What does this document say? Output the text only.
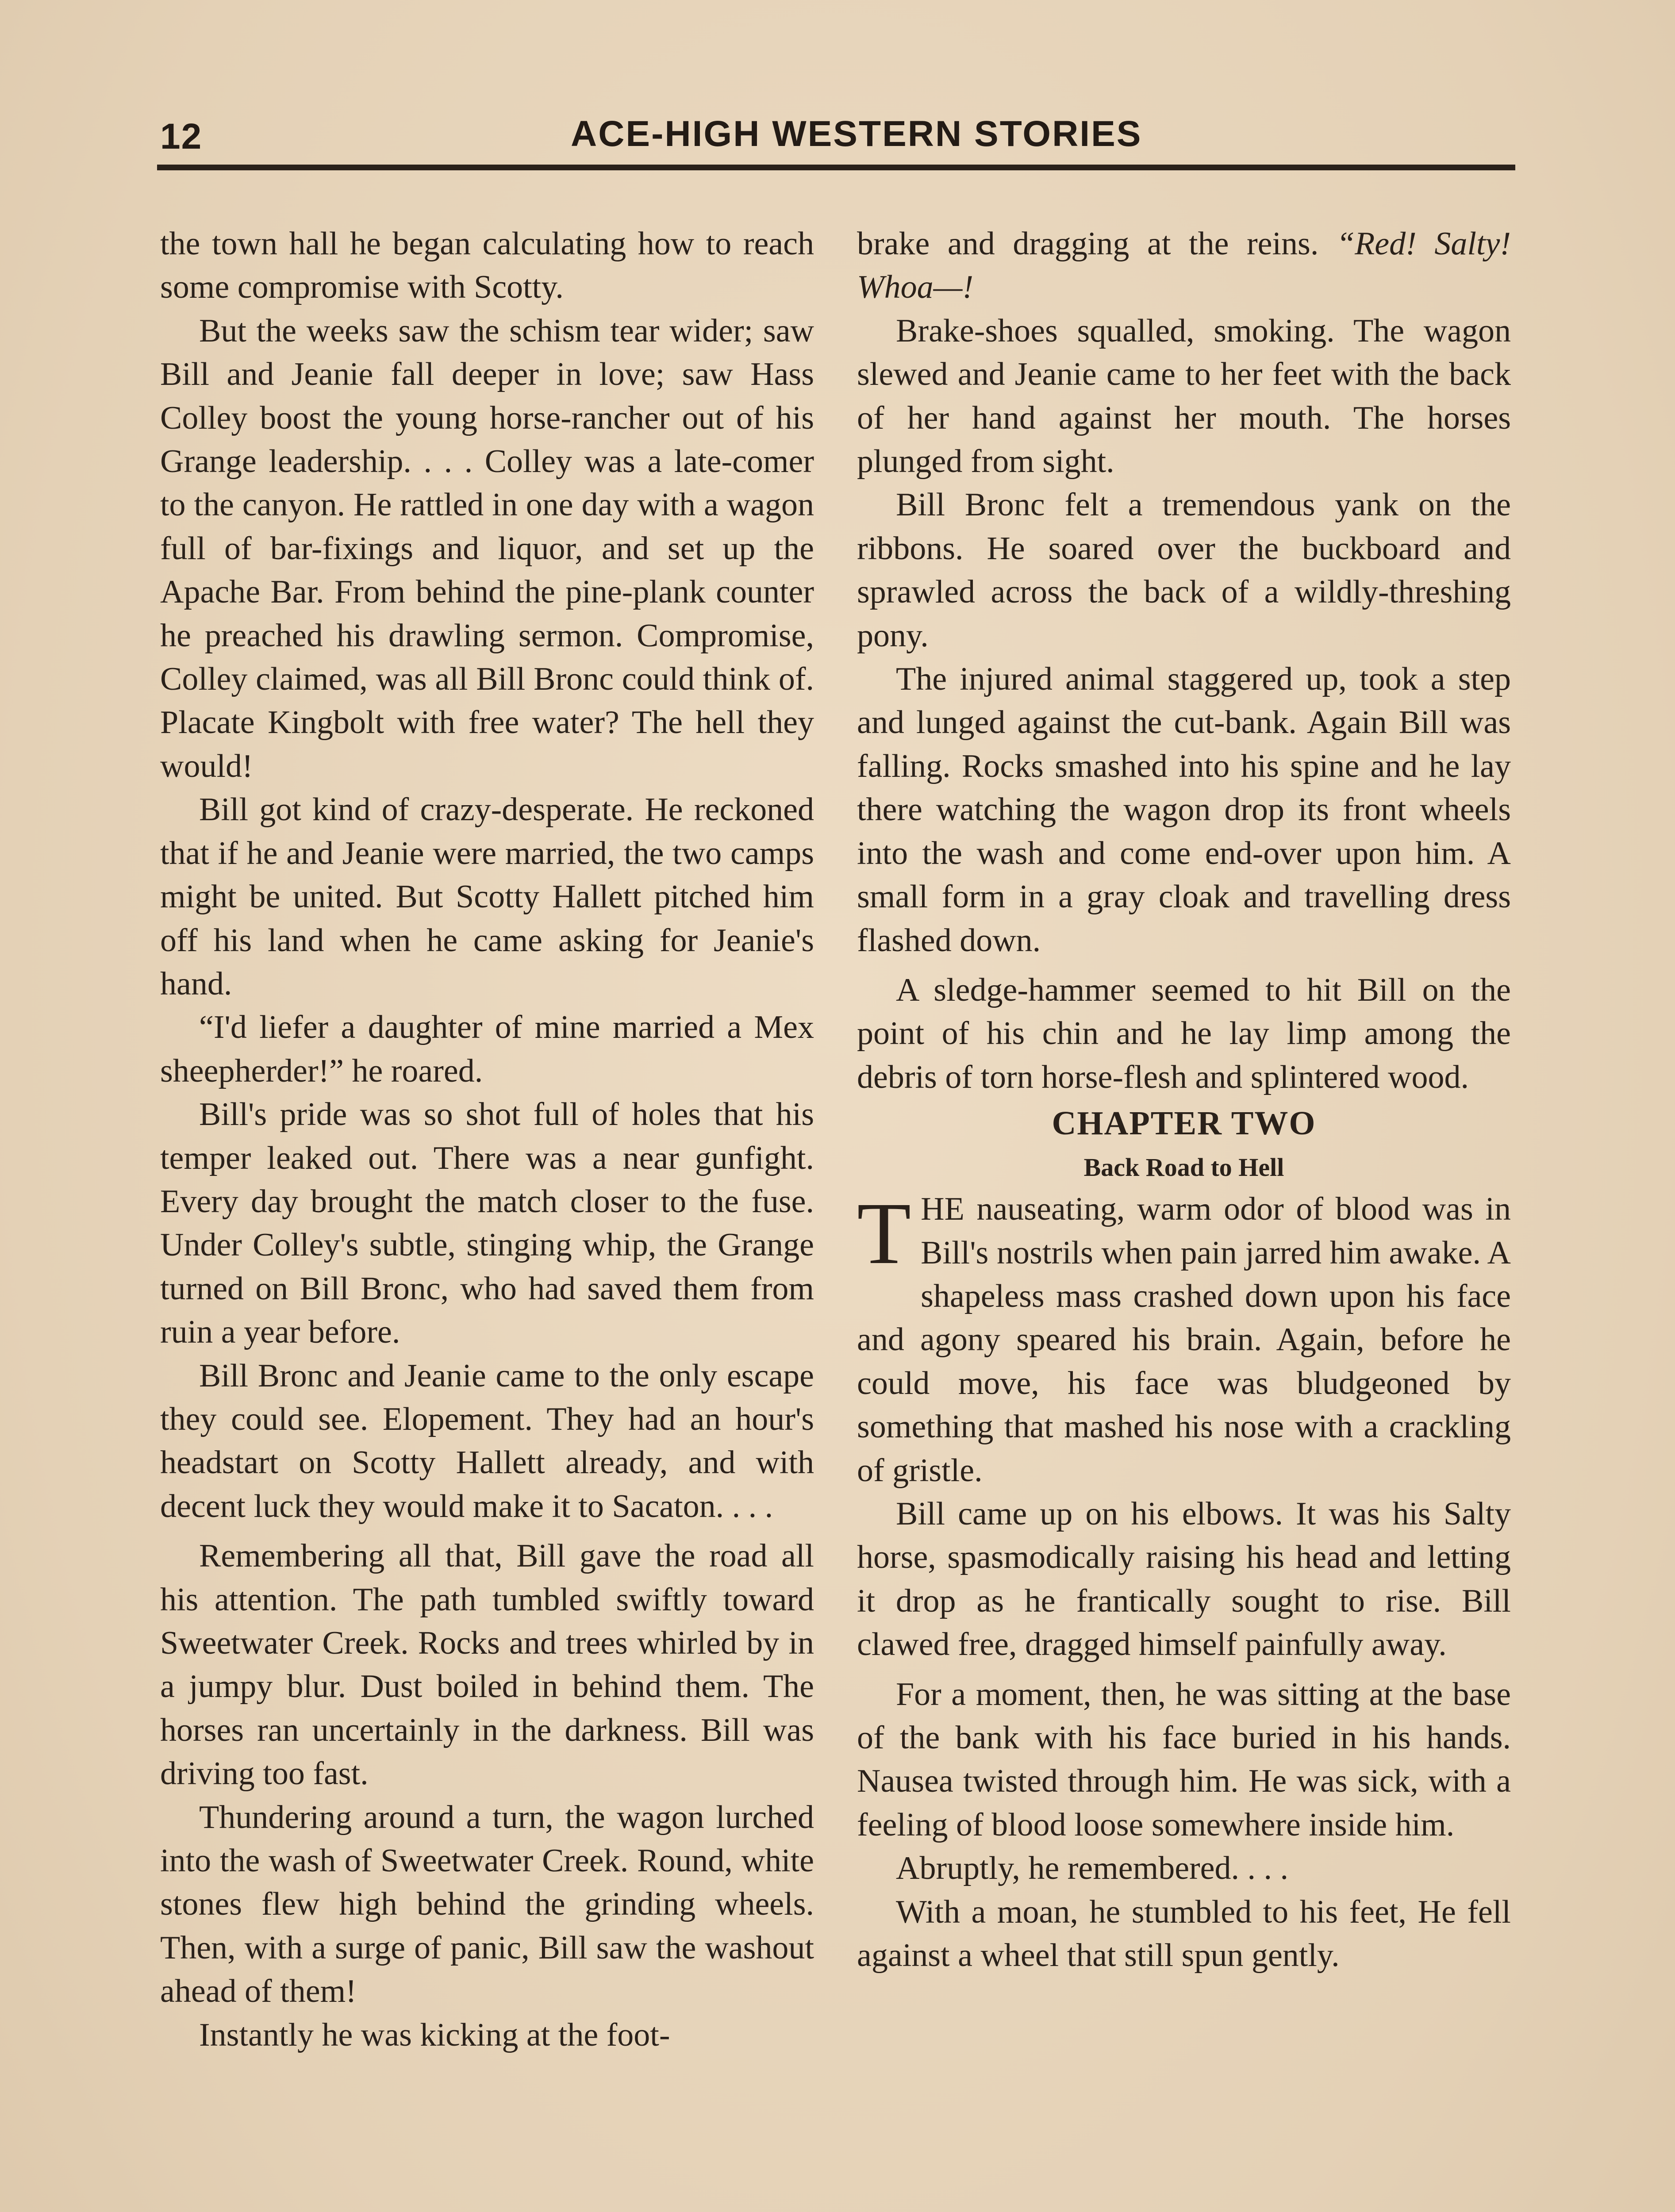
12	ACE-HIGH WESTERN STORIES

the town hall he began calculating how to reach some compromise with Scotty.

But the weeks saw the schism tear wider; saw Bill and Jeanie fall deeper in love; saw Hass Colley boost the young horse-rancher out of his Grange leadership. . . . Colley was a late-comer to the canyon. He rattled in one day with a wagon full of bar-fixings and liquor, and set up the Apache Bar. From behind the pine-plank counter he preached his drawling sermon. Compromise, Colley claimed, was all Bill Bronc could think of. Placate Kingbolt with free water? The hell they would!

Bill got kind of crazy-desperate. He reckoned that if he and Jeanie were married, the two camps might be united. But Scotty Hallett pitched him off his land when he came asking for Jeanie's hand.

“I'd liefer a daughter of mine married a Mex sheepherder!” he roared.

Bill's pride was so shot full of holes that his temper leaked out. There was a near gunfight. Every day brought the match closer to the fuse. Under Colley's subtle, stinging whip, the Grange turned on Bill Bronc, who had saved them from ruin a year before.

Bill Bronc and Jeanie came to the only escape they could see. Elopement. They had an hour's headstart on Scotty Hallett already, and with decent luck they would make it to Sacaton. . . .

Remembering all that, Bill gave the road all his attention. The path tumbled swiftly toward Sweetwater Creek. Rocks and trees whirled by in a jumpy blur. Dust boiled in behind them. The horses ran uncertainly in the darkness. Bill was driving too fast.

Thundering around a turn, the wagon lurched into the wash of Sweetwater Creek. Round, white stones flew high behind the grinding wheels. Then, with a surge of panic, Bill saw the washout ahead of them!

Instantly he was kicking at the foot-

brake and dragging at the reins. “Red! Salty! Whoa—!

Brake-shoes squalled, smoking. The wagon slewed and Jeanie came to her feet with the back of her hand against her mouth. The horses plunged from sight.

Bill Bronc felt a tremendous yank on the ribbons. He soared over the buckboard and sprawled across the back of a wildly-threshing pony.

The injured animal staggered up, took a step and lunged against the cut-bank. Again Bill was falling. Rocks smashed into his spine and he lay there watching the wagon drop its front wheels into the wash and come end-over upon him. A small form in a gray cloak and travelling dress flashed down.

A sledge-hammer seemed to hit Bill on the point of his chin and he lay limp among the debris of torn horse-flesh and splintered wood.

CHAPTER TWO

Back Road to Hell

THE nauseating, warm odor of blood was in Bill's nostrils when pain jarred him awake. A shapeless mass crashed down upon his face and agony speared his brain. Again, before he could move, his face was bludgeoned by something that mashed his nose with a crackling of gristle.

Bill came up on his elbows. It was his Salty horse, spasmodically raising his head and letting it drop as he frantically sought to rise. Bill clawed free, dragged himself painfully away.

For a moment, then, he was sitting at the base of the bank with his face buried in his hands. Nausea twisted through him. He was sick, with a feeling of blood loose somewhere inside him.

Abruptly, he remembered. . . .

With a moan, he stumbled to his feet, He fell against a wheel that still spun gently.
